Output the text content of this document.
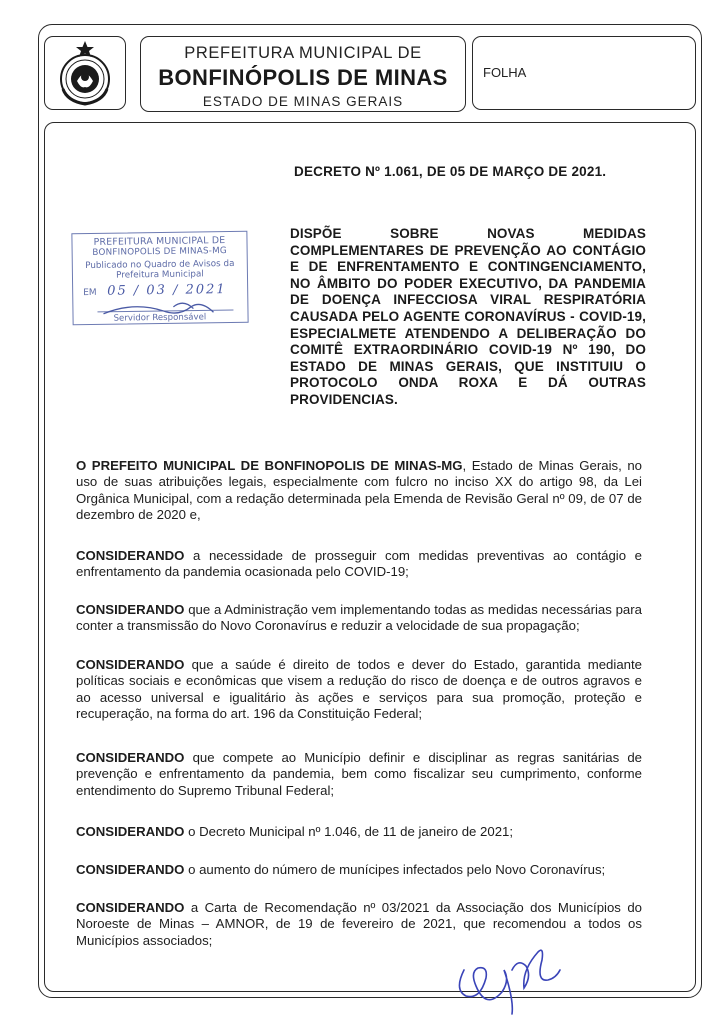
PREFEITURA MUNICIPAL DE
BONFINÓPOLIS DE MINAS
ESTADO DE MINAS GERAIS
FOLHA
DECRETO Nº 1.061, DE 05 DE MARÇO DE 2021.
PREFEITURA MUNICIPAL DE
BONFINOPOLIS DE MINAS-MG
Publicado no Quadro de Avisos da
Prefeitura Municipal
EM 05 / 03 / 2021
Servidor Responsável
DISPÕE SOBRE NOVAS MEDIDAS COMPLEMENTARES DE PREVENÇÃO AO CONTÁGIO E DE ENFRENTAMENTO E CONTINGENCIAMENTO, NO ÂMBITO DO PODER EXECUTIVO, DA PANDEMIA DE DOENÇA INFECCIOSA VIRAL RESPIRATÓRIA CAUSADA PELO AGENTE CORONAVÍRUS - COVID-19, ESPECIALMETE ATENDENDO A DELIBERAÇÃO DO COMITÊ EXTRAORDINÁRIO COVID-19 Nº 190, DO ESTADO DE MINAS GERAIS, QUE INSTITUIU O PROTOCOLO ONDA ROXA E DÁ OUTRAS PROVIDENCIAS.
O PREFEITO MUNICIPAL DE BONFINOPOLIS DE MINAS-MG, Estado de Minas Gerais, no uso de suas atribuições legais, especialmente com fulcro no inciso XX do artigo 98, da Lei Orgânica Municipal, com a redação determinada pela Emenda de Revisão Geral nº 09, de 07 de dezembro de 2020 e,
CONSIDERANDO a necessidade de prosseguir com medidas preventivas ao contágio e enfrentamento da pandemia ocasionada pelo COVID-19;
CONSIDERANDO que a Administração vem implementando todas as medidas necessárias para conter a transmissão do Novo Coronavírus e reduzir a velocidade de sua propagação;
CONSIDERANDO que a saúde é direito de todos e dever do Estado, garantida mediante políticas sociais e econômicas que visem a redução do risco de doença e de outros agravos e ao acesso universal e igualitário às ações e serviços para sua promoção, proteção e recuperação, na forma do art. 196 da Constituição Federal;
CONSIDERANDO que compete ao Município definir e disciplinar as regras sanitárias de prevenção e enfrentamento da pandemia, bem como fiscalizar seu cumprimento, conforme entendimento do Supremo Tribunal Federal;
CONSIDERANDO o Decreto Municipal nº 1.046, de 11 de janeiro de 2021;
CONSIDERANDO o aumento do número de munícipes infectados pelo Novo Coronavírus;
CONSIDERANDO a Carta de Recomendação nº 03/2021 da Associação dos Municípios do Noroeste de Minas – AMNOR, de 19 de fevereiro de 2021, que recomendou a todos os Municípios associados;
